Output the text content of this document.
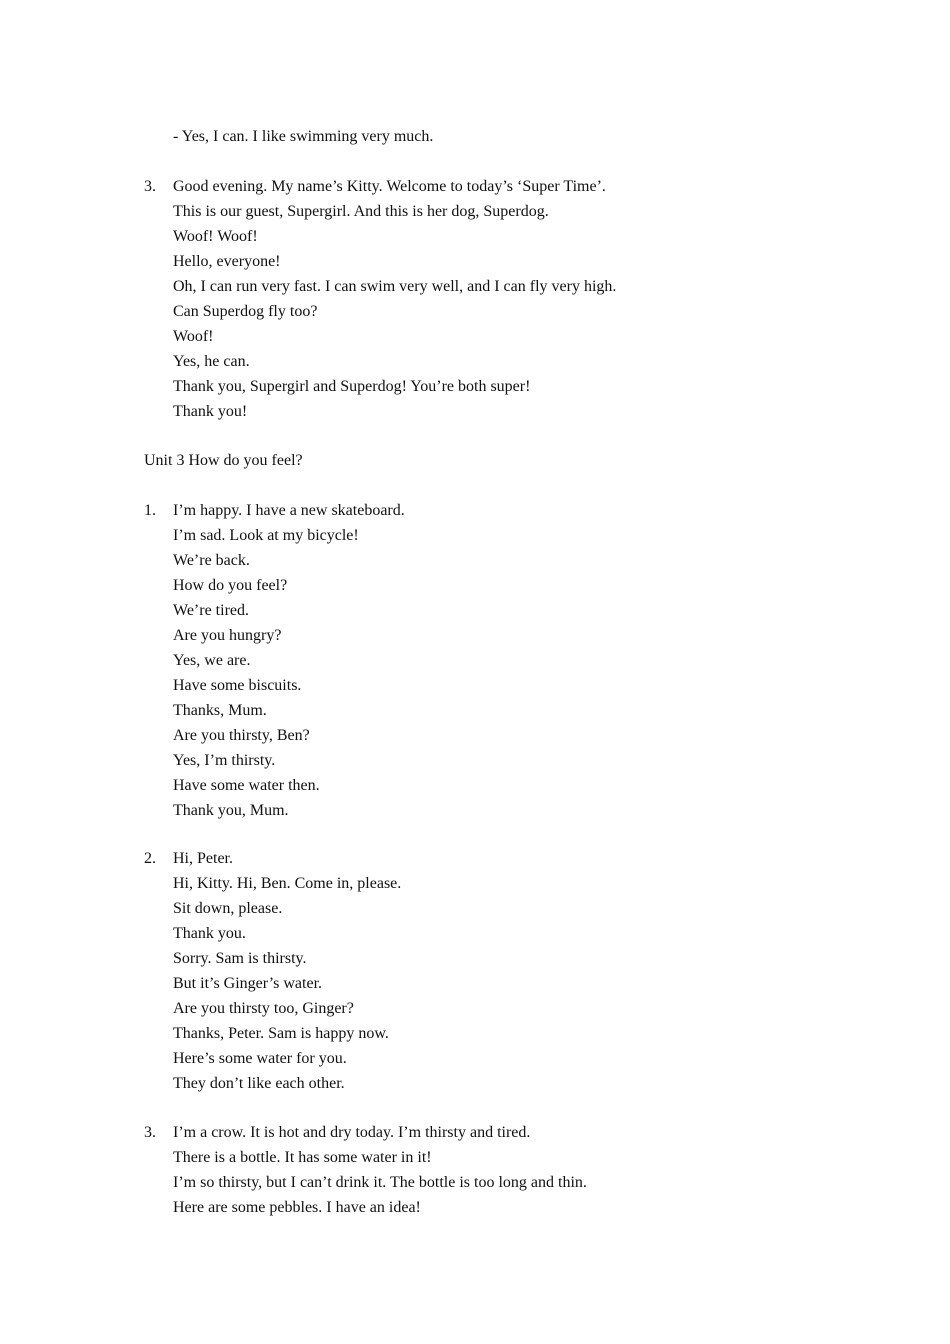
- Yes, I can. I like swimming very much.
3. Good evening. My name’s Kitty. Welcome to today’s ‘Super Time’.
This is our guest, Supergirl. And this is her dog, Superdog.
Woof! Woof!
Hello, everyone!
Oh, I can run very fast. I can swim very well, and I can fly very high.
Can Superdog fly too?
Woof!
Yes, he can.
Thank you, Supergirl and Superdog! You’re both super!
Thank you!
Unit 3 How do you feel?
1. I’m happy. I have a new skateboard.
I’m sad. Look at my bicycle!
We’re back.
How do you feel?
We’re tired.
Are you hungry?
Yes, we are.
Have some biscuits.
Thanks, Mum.
Are you thirsty, Ben?
Yes, I’m thirsty.
Have some water then.
Thank you, Mum.
2. Hi, Peter.
Hi, Kitty. Hi, Ben. Come in, please.
Sit down, please.
Thank you.
Sorry. Sam is thirsty.
But it’s Ginger’s water.
Are you thirsty too, Ginger?
Thanks, Peter. Sam is happy now.
Here’s some water for you.
They don’t like each other.
3. I’m a crow. It is hot and dry today. I’m thirsty and tired.
There is a bottle. It has some water in it!
I’m so thirsty, but I can’t drink it. The bottle is too long and thin.
Here are some pebbles. I have an idea!
